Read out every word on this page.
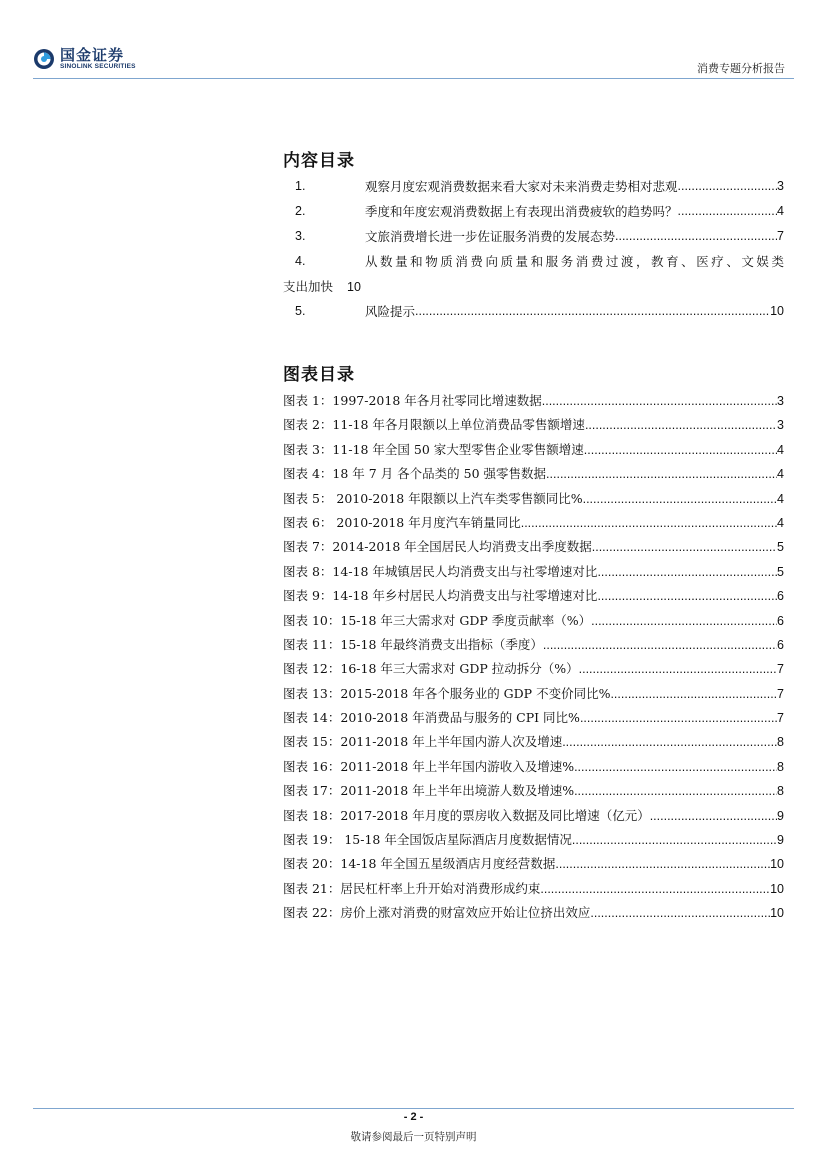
国金证券
SINOLINK SECURITIES	消费专题分析报告
内容目录
1.	观察月度宏观消费数据来看大家对未来消费走势相对悲观 .....	3
2.	季度和年度宏观消费数据上有表现出消费疲软的趋势吗？ .....	4
3.	文旅消费增长进一步佐证服务消费的发展态势 .....	7
4.	从数量和物质消费向质量和服务消费过渡，教育、医疗、文娱类
支出加快 10
5.	风险提示 .....	10
图表目录
图表 1：1997-2018 年各月社零同比增速数据 .....	3
图表 2：11-18 年各月限额以上单位消费品零售额增速 .....	3
图表 3：11-18 年全国 50 家大型零售企业零售额增速 .....	4
图表 4：18 年 7 月 各个品类的 50 强零售数据 .....	4
图表 5： 2010-2018 年限额以上汽车类零售额同比% .....	4
图表 6： 2010-2018 年月度汽车销量同比 .....	4
图表 7：2014-2018 年全国居民人均消费支出季度数据 .....	5
图表 8：14-18 年城镇居民人均消费支出与社零增速对比 .....	5
图表 9：14-18 年乡村居民人均消费支出与社零增速对比 .....	6
图表 10：15-18 年三大需求对 GDP 季度贡献率（%） .....	6
图表 11：15-18 年最终消费支出指标（季度） .....	6
图表 12：16-18 年三大需求对 GDP 拉动拆分（%） .....	7
图表 13：2015-2018 年各个服务业的 GDP 不变价同比% .....	7
图表 14：2010-2018 年消费品与服务的 CPI 同比% .....	7
图表 15：2011-2018 年上半年国内游人次及增速 .....	8
图表 16：2011-2018 年上半年国内游收入及增速% .....	8
图表 17：2011-2018 年上半年出境游人数及增速% .....	8
图表 18：2017-2018 年月度的票房收入数据及同比增速（亿元） .....	9
图表 19： 15-18 年全国饭店星际酒店月度数据情况 .....	9
图表 20：14-18 年全国五星级酒店月度经营数据 .....	10
图表 21：居民杠杆率上升开始对消费形成约束 .....	10
图表 22：房价上涨对消费的财富效应开始让位挤出效应 .....	10
- 2 -
敬请参阅最后一页特别声明
